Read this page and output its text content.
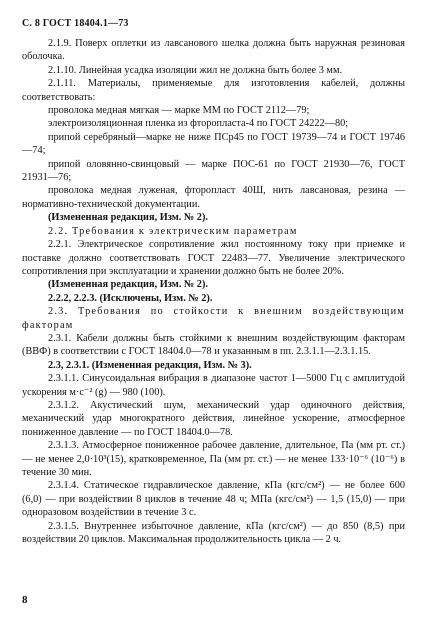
С. 8 ГОСТ 18404.1—73

2.1.9. Поверх оплетки из лавсанового шелка должна быть наружная резиновая оболочка.

2.1.10. Линейная усадка изоляции жил не должна быть более 3 мм.

2.1.11. Материалы, применяемые для изготовления кабелей, должны соответствовать:

проволока медная мягкая — марке ММ по ГОСТ 2112—79;

электроизоляционная пленка из фторопласта-4 по ГОСТ 24222—80;

припой серебряный—марке не ниже ПСр45 по ГОСТ 19739—74 и ГОСТ 19746—74;

припой оловянно-свинцовый — марке ПОС-61 по ГОСТ 21930—76, ГОСТ 21931—76;

проволока медная луженая, фторопласт 40Ш, нить лавсановая, резина — нормативно-технической документации.

(Измененная редакция, Изм. № 2).

2.2. Требования к электрическим параметрам

2.2.1. Электрическое сопротивление жил постоянному току при приемке и поставке должно соответствовать ГОСТ 22483—77. Увеличение электрического сопротивления при эксплуатации и хранении должно быть не более 20%.

(Измененная редакция, Изм. № 2).

2.2.2, 2.2.3. (Исключены, Изм. № 2).

2.3. Требования по стойкости к внешним воздействующим факторам

2.3.1. Кабели должны быть стойкими к внешним воздействующим факторам (ВВФ) в соответствии с ГОСТ 18404.0—78 и указанным в пп. 2.3.1.1—2.3.1.15.

2.3, 2.3.1. (Измененная редакция, Изм. № 3).

2.3.1.1. Синусоидальная вибрация в диапазоне частот 1—5000 Гц с амплитудой ускорения м·с⁻² (g) — 980 (100).

2.3.1.2. Акустический шум, механический удар одиночного действия, механический удар многократного действия, линейное ускорение, атмосферное пониженное давление — по ГОСТ 18404.0—78.

2.3.1.3. Атмосферное пониженное рабочее давление, длительное, Па (мм рт. ст.) — не менее 2,0·10³(15), кратковременное, Па (мм рт. ст.) — не менее 133·10⁻⁶ (10⁻⁶) в течение 30 мин.

2.3.1.4. Статическое гидравлическое давление, кПа (кгс/см²) — не более 600 (6,0) — при воздействии 8 циклов в течение 48 ч; МПа (кгс/см²) — 1,5 (15,0) — при одноразовом воздействии в течение 3 с.

2.3.1.5. Внутреннее избыточное давление, кПа (кгс/см²) — до 850 (8,5) при воздействии 20 циклов. Максимальная продолжительность цикла — 2 ч.

8
